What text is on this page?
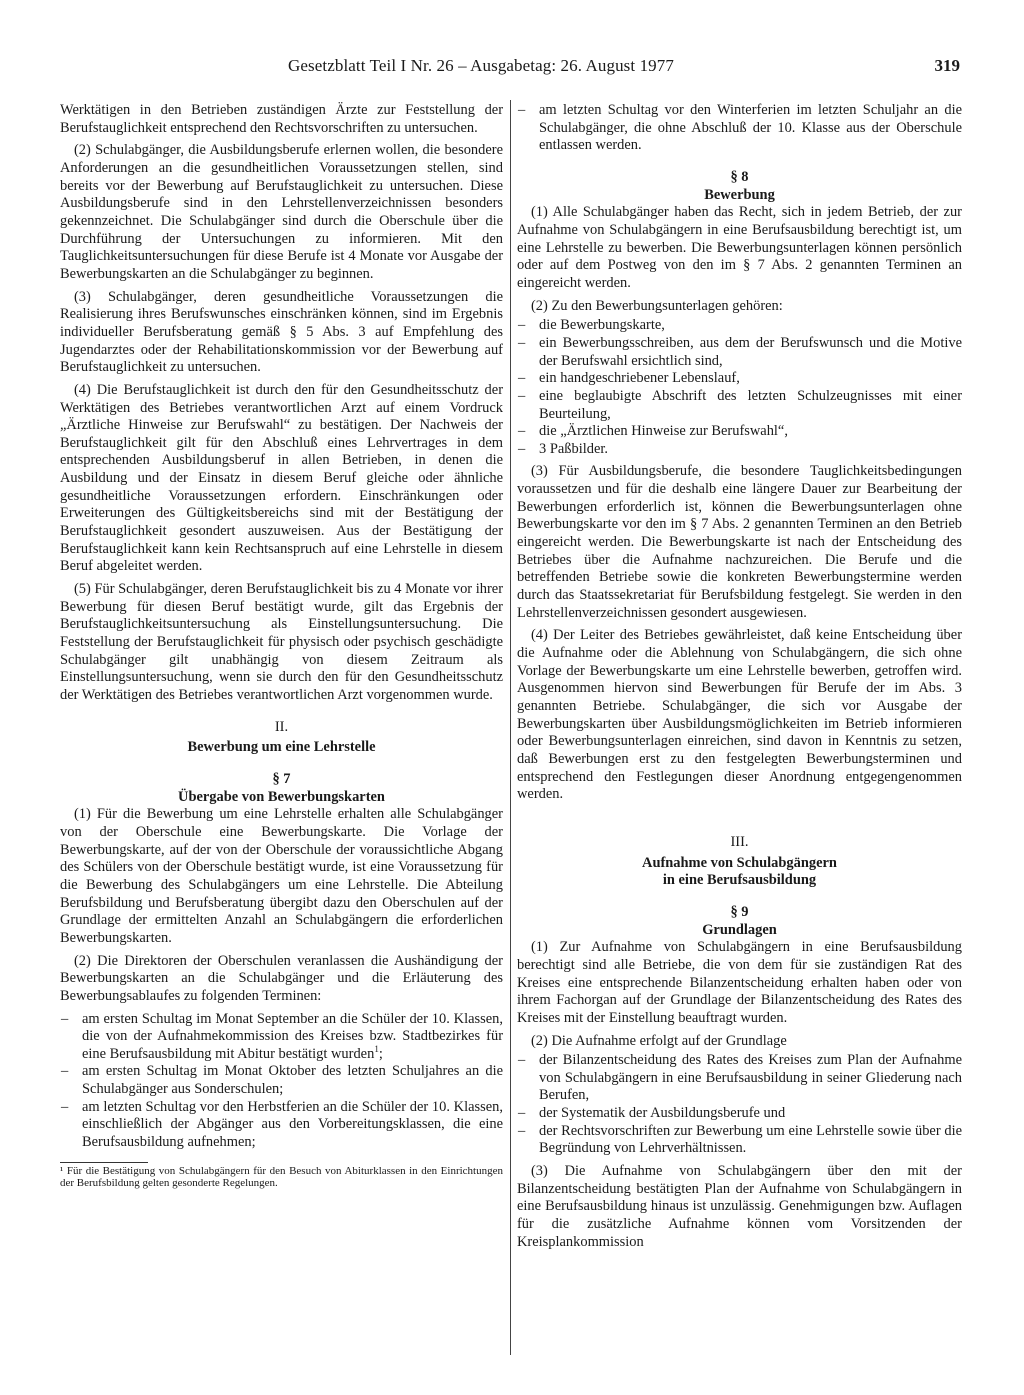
Gesetzblatt Teil I Nr. 26 – Ausgabetag: 26. August 1977	319

Werktätigen in den Betrieben zuständigen Ärzte zur Feststellung der Berufstauglichkeit entsprechend den Rechtsvorschriften zu untersuchen.

(2) Schulabgänger, die Ausbildungsberufe erlernen wollen, die besondere Anforderungen an die gesundheitlichen Voraussetzungen stellen, sind bereits vor der Bewerbung auf Berufstauglichkeit zu untersuchen. Diese Ausbildungsberufe sind in den Lehrstellenverzeichnissen besonders gekennzeichnet. Die Schulabgänger sind durch die Oberschule über die Durchführung der Untersuchungen zu informieren. Mit den Tauglichkeitsuntersuchungen für diese Berufe ist 4 Monate vor Ausgabe der Bewerbungskarten an die Schulabgänger zu beginnen.

(3) Schulabgänger, deren gesundheitliche Voraussetzungen die Realisierung ihres Berufswunsches einschränken können, sind im Ergebnis individueller Berufsberatung gemäß § 5 Abs. 3 auf Empfehlung des Jugendarztes oder der Rehabilitationskommission vor der Bewerbung auf Berufstauglichkeit zu untersuchen.

(4) Die Berufstauglichkeit ist durch den für den Gesundheitsschutz der Werktätigen des Betriebes verantwortlichen Arzt auf einem Vordruck „Ärztliche Hinweise zur Berufswahl“ zu bestätigen. Der Nachweis der Berufstauglichkeit gilt für den Abschluß eines Lehrvertrages in dem entsprechenden Ausbildungsberuf in allen Betrieben, in denen die Ausbildung und der Einsatz in diesem Beruf gleiche oder ähnliche gesundheitliche Voraussetzungen erfordern. Einschränkungen oder Erweiterungen des Gültigkeitsbereichs sind mit der Bestätigung der Berufstauglichkeit gesondert auszuweisen. Aus der Bestätigung der Berufstauglichkeit kann kein Rechtsanspruch auf eine Lehrstelle in diesem Beruf abgeleitet werden.

(5) Für Schulabgänger, deren Berufstauglichkeit bis zu 4 Monate vor ihrer Bewerbung für diesen Beruf bestätigt wurde, gilt das Ergebnis der Berufstauglichkeitsuntersuchung als Einstellungsuntersuchung. Die Feststellung der Berufstauglichkeit für physisch oder psychisch geschädigte Schulabgänger gilt unabhängig von diesem Zeitraum als Einstellungsuntersuchung, wenn sie durch den für den Gesundheitsschutz der Werktätigen des Betriebes verantwortlichen Arzt vorgenommen wurde.

II.

Bewerbung um eine Lehrstelle

§ 7

Übergabe von Bewerbungskarten

(1) Für die Bewerbung um eine Lehrstelle erhalten alle Schulabgänger von der Oberschule eine Bewerbungskarte. Die Vorlage der Bewerbungskarte, auf der von der Oberschule der voraussichtliche Abgang des Schülers von der Oberschule bestätigt wurde, ist eine Voraussetzung für die Bewerbung des Schulabgängers um eine Lehrstelle. Die Abteilung Berufsbildung und Berufsberatung übergibt dazu den Oberschulen auf der Grundlage der ermittelten Anzahl an Schulabgängern die erforderlichen Bewerbungskarten.

(2) Die Direktoren der Oberschulen veranlassen die Aushändigung der Bewerbungskarten an die Schulabgänger und die Erläuterung des Bewerbungsablaufes zu folgenden Terminen:

– am ersten Schultag im Monat September an die Schüler der 10. Klassen, die von der Aufnahmekommission des Kreises bzw. Stadtbezirkes für eine Berufsausbildung mit Abitur bestätigt wurden$^1$;
– am ersten Schultag im Monat Oktober des letzten Schuljahres an die Schulabgänger aus Sonderschulen;
– am letzten Schultag vor den Herbstferien an die Schüler der 10. Klassen, einschließlich der Abgänger aus den Vorbereitungsklassen, die eine Berufsausbildung aufnehmen;

¹ Für die Bestätigung von Schulabgängern für den Besuch von Abiturklassen in den Einrichtungen der Berufsbildung gelten gesonderte Regelungen.

– am letzten Schultag vor den Winterferien im letzten Schuljahr an die Schulabgänger, die ohne Abschluß der 10. Klasse aus der Oberschule entlassen werden.

§ 8

Bewerbung

(1) Alle Schulabgänger haben das Recht, sich in jedem Betrieb, der zur Aufnahme von Schulabgängern in eine Berufsausbildung berechtigt ist, um eine Lehrstelle zu bewerben. Die Bewerbungsunterlagen können persönlich oder auf dem Postweg von den im § 7 Abs. 2 genannten Terminen an eingereicht werden.

(2) Zu den Bewerbungsunterlagen gehören:

– die Bewerbungskarte,
– ein Bewerbungsschreiben, aus dem der Berufswunsch und die Motive der Berufswahl ersichtlich sind,
– ein handgeschriebener Lebenslauf,
– eine beglaubigte Abschrift des letzten Schulzeugnisses mit einer Beurteilung,
– die „Ärztlichen Hinweise zur Berufswahl“,
– 3 Paßbilder.

(3) Für Ausbildungsberufe, die besondere Tauglichkeitsbedingungen voraussetzen und für die deshalb eine längere Dauer zur Bearbeitung der Bewerbungen erforderlich ist, können die Bewerbungsunterlagen ohne Bewerbungskarte vor den im § 7 Abs. 2 genannten Terminen an den Betrieb eingereicht werden. Die Bewerbungskarte ist nach der Entscheidung des Betriebes über die Aufnahme nachzureichen. Die Berufe und die betreffenden Betriebe sowie die konkreten Bewerbungstermine werden durch das Staatssekretariat für Berufsbildung festgelegt. Sie werden in den Lehrstellenverzeichnissen gesondert ausgewiesen.

(4) Der Leiter des Betriebes gewährleistet, daß keine Entscheidung über die Aufnahme oder die Ablehnung von Schulabgängern, die sich ohne Vorlage der Bewerbungskarte um eine Lehrstelle bewerben, getroffen wird. Ausgenommen hiervon sind Bewerbungen für Berufe der im Abs. 3 genannten Betriebe. Schulabgänger, die sich vor Ausgabe der Bewerbungskarten über Ausbildungsmöglichkeiten im Betrieb informieren oder Bewerbungsunterlagen einreichen, sind davon in Kenntnis zu setzen, daß Bewerbungen erst zu den festgelegten Bewerbungsterminen und entsprechend den Festlegungen dieser Anordnung entgegengenommen werden.

III.

Aufnahme von Schulabgängern

in eine Berufsausbildung

§ 9

Grundlagen

(1) Zur Aufnahme von Schulabgängern in eine Berufsausbildung berechtigt sind alle Betriebe, die von dem für sie zuständigen Rat des Kreises eine entsprechende Bilanzentscheidung erhalten haben oder von ihrem Fachorgan auf der Grundlage der Bilanzentscheidung des Rates des Kreises mit der Einstellung beauftragt wurden.

(2) Die Aufnahme erfolgt auf der Grundlage

– der Bilanzentscheidung des Rates des Kreises zum Plan der Aufnahme von Schulabgängern in eine Berufsausbildung in seiner Gliederung nach Berufen,
– der Systematik der Ausbildungsberufe und
– der Rechtsvorschriften zur Bewerbung um eine Lehrstelle sowie über die Begründung von Lehrverhältnissen.

(3) Die Aufnahme von Schulabgängern über den mit der Bilanzentscheidung bestätigten Plan der Aufnahme von Schulabgängern in eine Berufsausbildung hinaus ist unzulässig. Genehmigungen bzw. Auflagen für die zusätzliche Aufnahme können vom Vorsitzenden der Kreisplankommission
